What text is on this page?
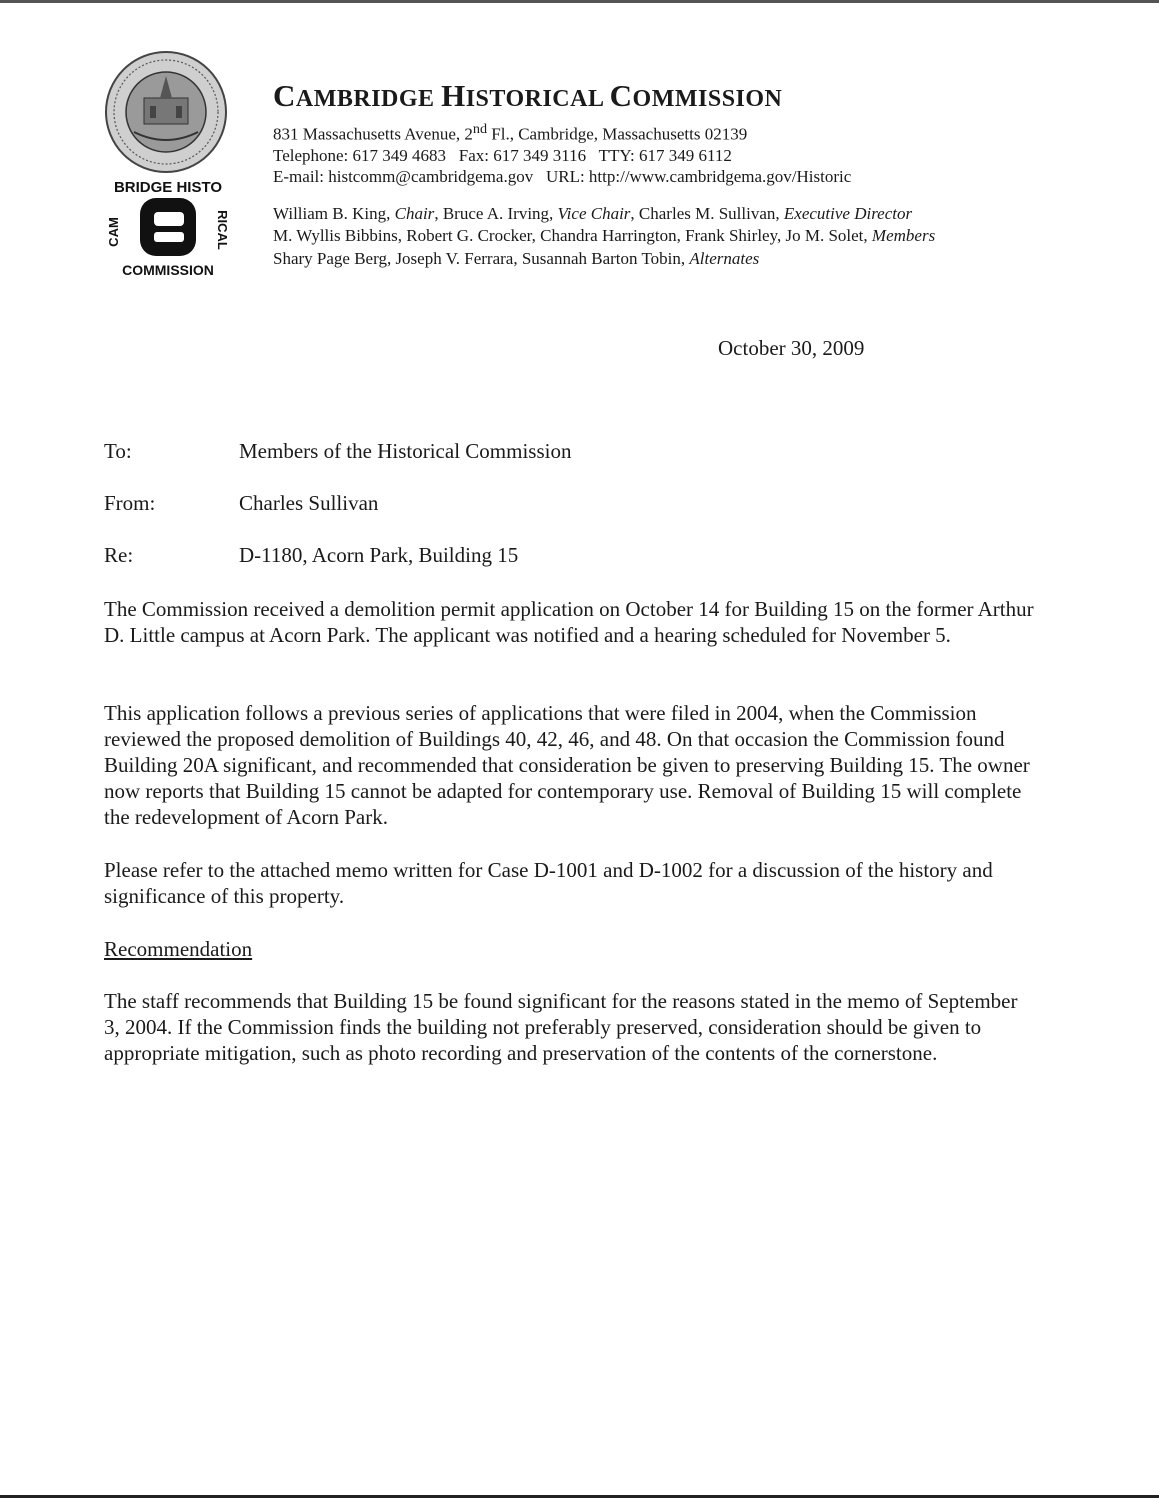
BRIDGE HISTO
CAM	RICAL
COMMISSION
CAMBRIDGE HISTORICAL COMMISSION
831 Massachusetts Avenue, 2nd Fl., Cambridge, Massachusetts 02139
Telephone: 617 349 4683   Fax: 617 349 3116   TTY: 617 349 6112
E-mail: histcomm@cambridgema.gov   URL: http://www.cambridgema.gov/Historic
William B. King, Chair, Bruce A. Irving, Vice Chair, Charles M. Sullivan, Executive Director
M. Wyllis Bibbins, Robert G. Crocker, Chandra Harrington, Frank Shirley, Jo M. Solet, Members
Shary Page Berg, Joseph V. Ferrara, Susannah Barton Tobin, Alternates
October 30, 2009
To:	Members of the Historical Commission
From:	Charles Sullivan
Re:	D-1180, Acorn Park, Building 15

The Commission received a demolition permit application on October 14 for Building 15 on the former Arthur D. Little campus at Acorn Park. The applicant was notified and a hearing scheduled for November 5.

This application follows a previous series of applications that were filed in 2004, when the Commission reviewed the proposed demolition of Buildings 40, 42, 46, and 48. On that occasion the Commission found Building 20A significant, and recommended that consideration be given to preserving Building 15. The owner now reports that Building 15 cannot be adapted for contemporary use. Removal of Building 15 will complete the redevelopment of Acorn Park.

Please refer to the attached memo written for Case D-1001 and D-1002 for a discussion of the history and significance of this property.

Recommendation

The staff recommends that Building 15 be found significant for the reasons stated in the memo of September 3, 2004. If the Commission finds the building not preferably preserved, consideration should be given to appropriate mitigation, such as photo recording and preservation of the contents of the cornerstone.
